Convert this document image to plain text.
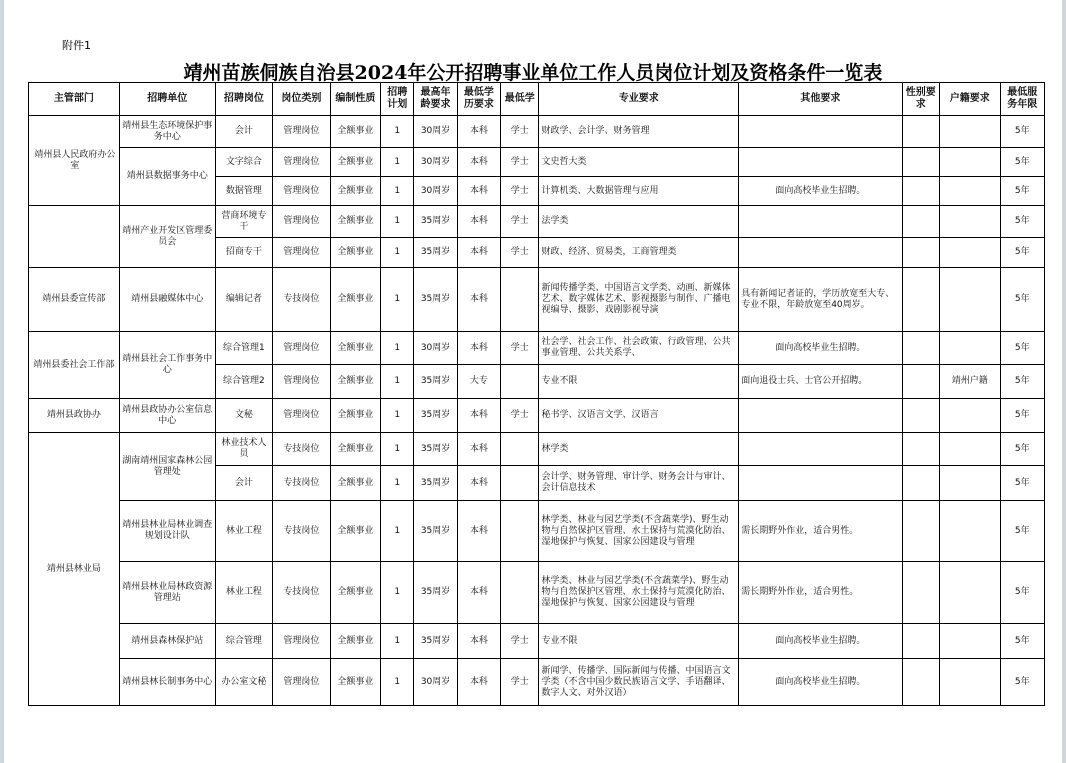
附件1
靖州苗族侗族自治县2024年公开招聘事业单位工作人员岗位计划及资格条件一览表
主管部门	招聘单位	招聘岗位	岗位类别	编制性质	招聘计划	最高年龄要求	最低学历要求	最低学	专业要求	其他要求	性别要求	户籍要求	最低服务年限
靖州县人民政府办公室	靖州县生态环境保护事务中心	会计	管理岗位	全额事业	1	30周岁	本科	学士	财政学、会计学、财务管理				5年
	靖州县数据事务中心	文字综合	管理岗位	全额事业	1	30周岁	本科	学士	文史哲大类				5年
		数据管理	管理岗位	全额事业	1	30周岁	本科	学士	计算机类、大数据管理与应用	面向高校毕业生招聘。			5年
	靖州产业开发区管理委员会	营商环境专干	管理岗位	全额事业	1	35周岁	本科	学士	法学类				5年
		招商专干	管理岗位	全额事业	1	35周岁	本科	学士	财政、经济、贸易类，工商管理类				5年
靖州县委宣传部	靖州县融媒体中心	编辑记者	专技岗位	全额事业	1	35周岁	本科		新闻传播学类、中国语言文学类、动画、新媒体艺术、数字媒体艺术、影视摄影与制作、广播电视编导、摄影、戏剧影视导演	具有新闻记者证的，学历放宽至大专、专业不限，年龄放宽至40周岁。			5年
靖州县委社会工作部	靖州县社会工作事务中心	综合管理1	管理岗位	全额事业	1	30周岁	本科	学士	社会学、社会工作、社会政策、行政管理、公共事业管理、公共关系学、	面向高校毕业生招聘。			5年
		综合管理2	管理岗位	全额事业	1	35周岁	大专		专业不限	面向退役士兵、士官公开招聘。		靖州户籍	5年
靖州县政协办	靖州县政协办公室信息中心	文秘	管理岗位	全额事业	1	35周岁	本科	学士	秘书学、汉语言文学、汉语言				5年
靖州县林业局	湖南靖州国家森林公园管理处	林业技术人员	专技岗位	全额事业	1	35周岁	本科		林学类				5年
		会计	专技岗位	全额事业	1	35周岁	本科		会计学、财务管理、审计学、财务会计与审计、会计信息技术				5年
	靖州县林业局林业调查规划设计队	林业工程	专技岗位	全额事业	1	35周岁	本科		林学类、林业与园艺学类(不含蔬菜学)、野生动物与自然保护区管理、水土保持与荒漠化防治、湿地保护与恢复、国家公园建设与管理	需长期野外作业，适合男性。			5年
	靖州县林业局林政资源管理站	林业工程	专技岗位	全额事业	1	35周岁	本科		林学类、林业与园艺学类(不含蔬菜学)、野生动物与自然保护区管理、水土保持与荒漠化防治、湿地保护与恢复、国家公园建设与管理	需长期野外作业，适合男性。			5年
	靖州县森林保护站	综合管理	管理岗位	全额事业	1	35周岁	本科	学士	专业不限	面向高校毕业生招聘。			5年
	靖州县林长制事务中心	办公室文秘	管理岗位	全额事业	1	30周岁	本科	学士	新闻学、传播学、国际新闻与传播、中国语言文学类（不含中国少数民族语言文学、手语翻译、数字人文、对外汉语）	面向高校毕业生招聘。			5年
